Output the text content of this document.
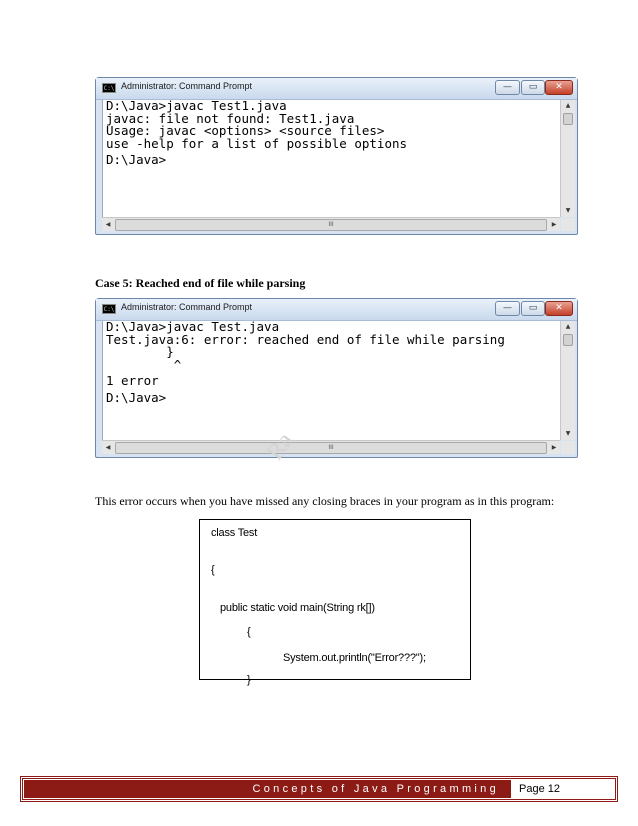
C:\ Administrator: Command Prompt	—	▭	✕
D:\Java>javac Test1.java
javac: file not found: Test1.java
Usage: javac <options> <source files>
use -help for a list of possible options
D:\Java>
▲
▼
◀	III	▶
Case 5: Reached end of file while parsing
C:\ Administrator: Command Prompt	—	▭	✕
D:\Java>javac Test.java
Test.java:6: error: reached end of file while parsing
}
^
1 error
D:\Java>
▲
▼
◀	III	▶
Ra
This error occurs when you have missed any closing braces in your program as in this program:
class Test
{
public static void main(String rk[])
{
System.out.println("Error???");
}
Concepts of Java Programming Page 12
